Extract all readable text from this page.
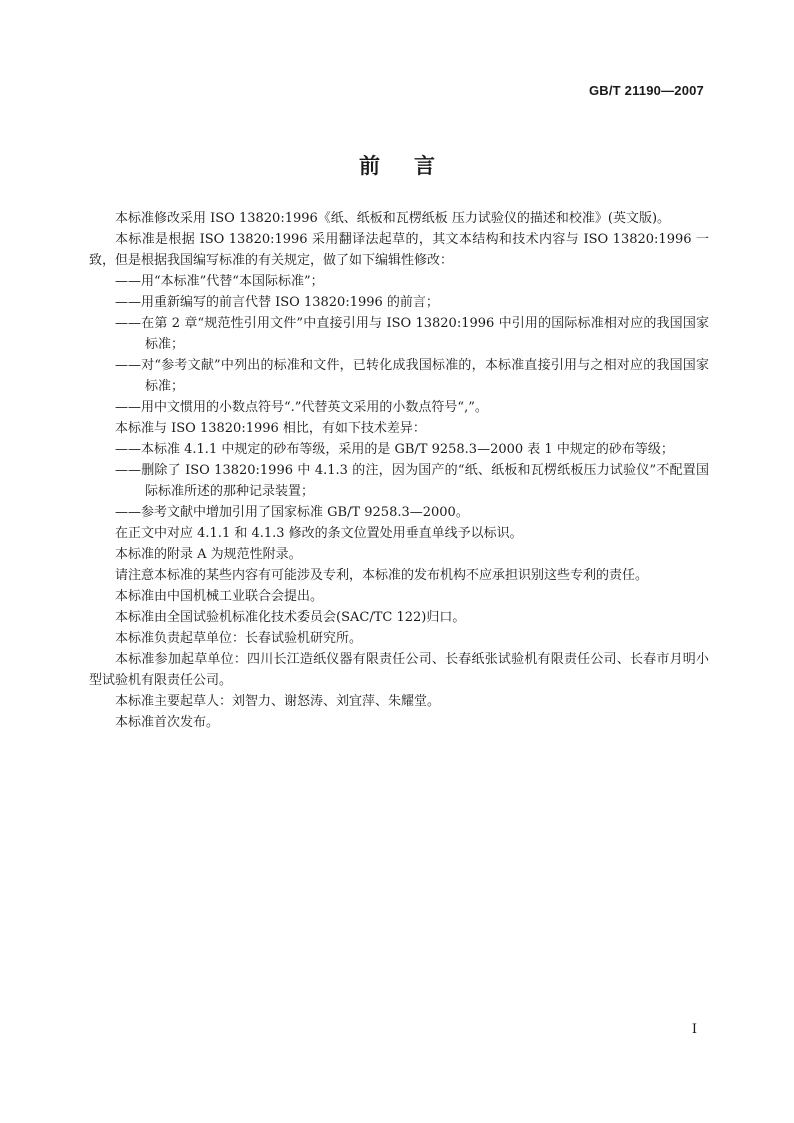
GB/T 21190—2007
前言

本标准修改采用 ISO 13820:1996《纸、纸板和瓦楞纸板 压力试验仪的描述和校准》(英文版)。

本标准是根据 ISO 13820:1996 采用翻译法起草的，其文本结构和技术内容与 ISO 13820:1996 一致，但是根据我国编写标准的有关规定，做了如下编辑性修改：

——用“本标准”代替“本国际标准”；

——用重新编写的前言代替 ISO 13820:1996 的前言；

——在第 2 章“规范性引用文件”中直接引用与 ISO 13820:1996 中引用的国际标准相对应的我国国家标准；

——对“参考文献”中列出的标准和文件，已转化成我国标准的，本标准直接引用与之相对应的我国国家标准；

——用中文惯用的小数点符号“.”代替英文采用的小数点符号“,”。

本标准与 ISO 13820:1996 相比，有如下技术差异：

——本标准 4.1.1 中规定的砂布等级，采用的是 GB/T 9258.3—2000 表 1 中规定的砂布等级；

——删除了 ISO 13820:1996 中 4.1.3 的注，因为国产的“纸、纸板和瓦楞纸板压力试验仪”不配置国际标准所述的那种记录装置；

——参考文献中增加引用了国家标准 GB/T 9258.3—2000。

在正文中对应 4.1.1 和 4.1.3 修改的条文位置处用垂直单线予以标识。

本标准的附录 A 为规范性附录。

请注意本标准的某些内容有可能涉及专利，本标准的发布机构不应承担识别这些专利的责任。

本标准由中国机械工业联合会提出。

本标准由全国试验机标准化技术委员会(SAC/TC 122)归口。

本标准负责起草单位：长春试验机研究所。

本标准参加起草单位：四川长江造纸仪器有限责任公司、长春纸张试验机有限责任公司、长春市月明小型试验机有限责任公司。

本标准主要起草人：刘智力、谢怒涛、刘宜萍、朱耀堂。

本标准首次发布。

I
